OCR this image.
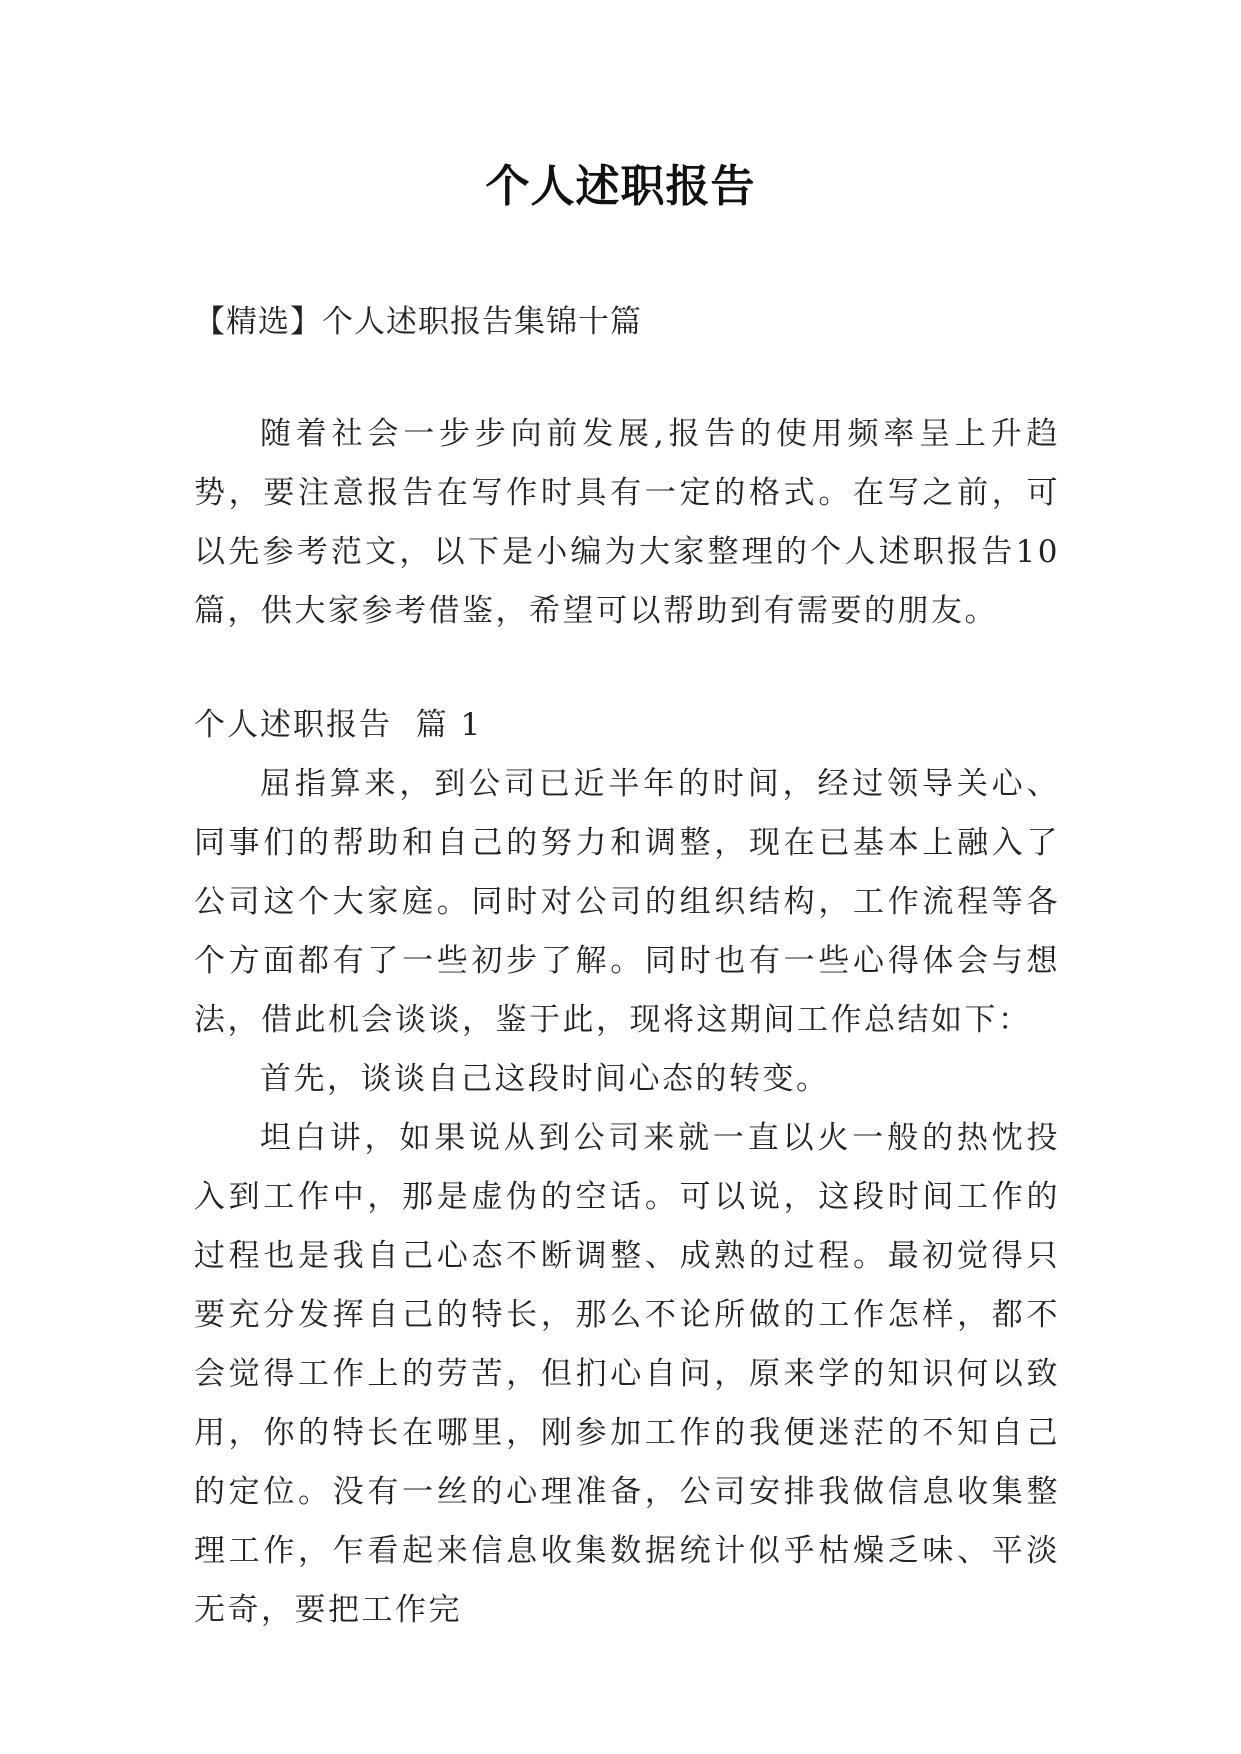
个人述职报告
【精选】个人述职报告集锦十篇

随着社会一步步向前发展,报告的使用频率呈上升趋势，要注意报告在写作时具有一定的格式。在写之前，可以先参考范文，以下是小编为大家整理的个人述职报告10篇，供大家参考借鉴，希望可以帮助到有需要的朋友。

个人述职报告  篇 1

屈指算来，到公司已近半年的时间，经过领导关心、同事们的帮助和自己的努力和调整，现在已基本上融入了公司这个大家庭。同时对公司的组织结构，工作流程等各个方面都有了一些初步了解。同时也有一些心得体会与想法，借此机会谈谈，鉴于此，现将这期间工作总结如下：

首先，谈谈自己这段时间心态的转变。

坦白讲，如果说从到公司来就一直以火一般的热忱投入到工作中，那是虚伪的空话。可以说，这段时间工作的过程也是我自己心态不断调整、成熟的过程。最初觉得只要充分发挥自己的特长，那么不论所做的工作怎样，都不会觉得工作上的劳苦，但扪心自问，原来学的知识何以致用，你的特长在哪里，刚参加工作的我便迷茫的不知自己的定位。没有一丝的心理准备，公司安排我做信息收集整理工作，乍看起来信息收集数据统计似乎枯燥乏味、平淡无奇，要把工作完
